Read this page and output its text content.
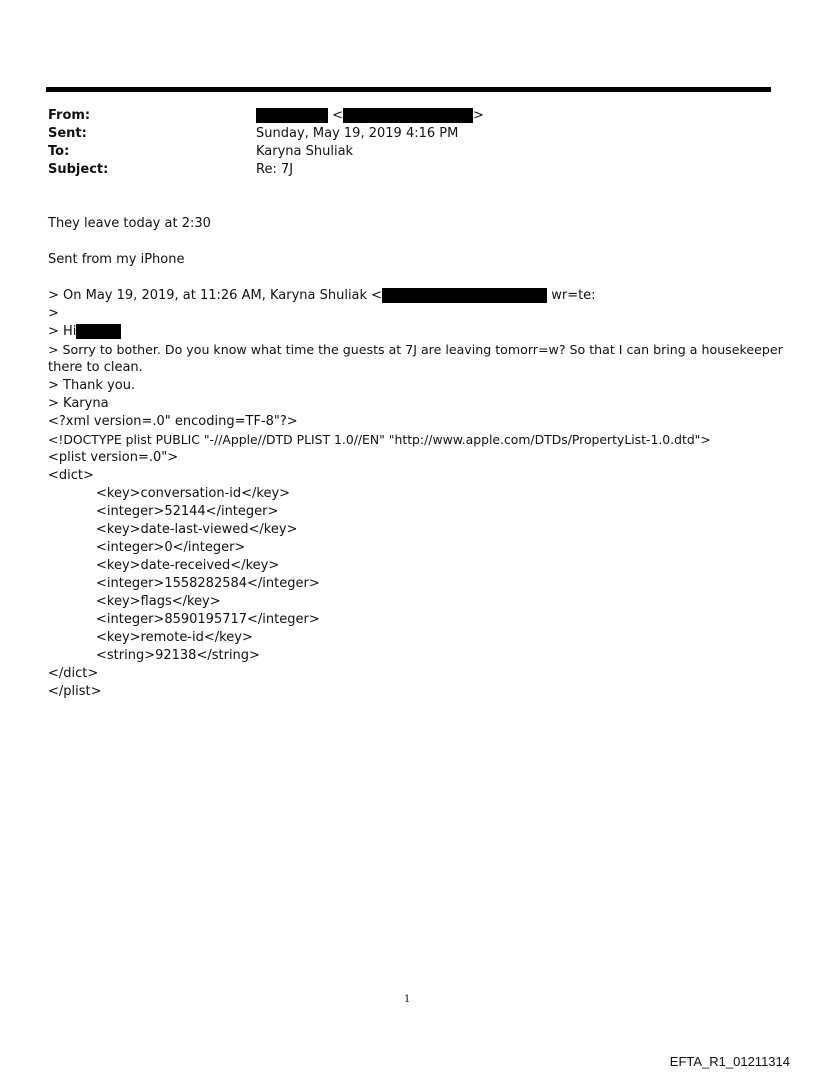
From:
Sent:
To:
Subject:
<	>
Sunday, May 19, 2019 4:16 PM
Karyna Shuliak
Re: 7J
They leave today at 2:30
Sent from my iPhone
> On May 19, 2019, at 11:26 AM, Karyna Shuliak <	wr=te:
>
> Hi
> Sorry to bother. Do you know what time the guests at 7J are leaving tomorr=w? So that I can bring a housekeeper
there to clean.
> Thank you.
> Karyna
<?xml version=.0" encoding=TF-8"?>
<!DOCTYPE plist PUBLIC "-//Apple//DTD PLIST 1.0//EN" "http://www.apple.com/DTDs/PropertyList-1.0.dtd">
<plist version=.0">
<dict>
<key>conversation-id</key>
<integer>52144</integer>
<key>date-last-viewed</key>
<integer>0</integer>
<key>date-received</key>
<integer>1558282584</integer>
<key>flags</key>
<integer>8590195717</integer>
<key>remote-id</key>
<string>92138</string>
</dict>
</plist>
1
EFTA_R1_01211314
